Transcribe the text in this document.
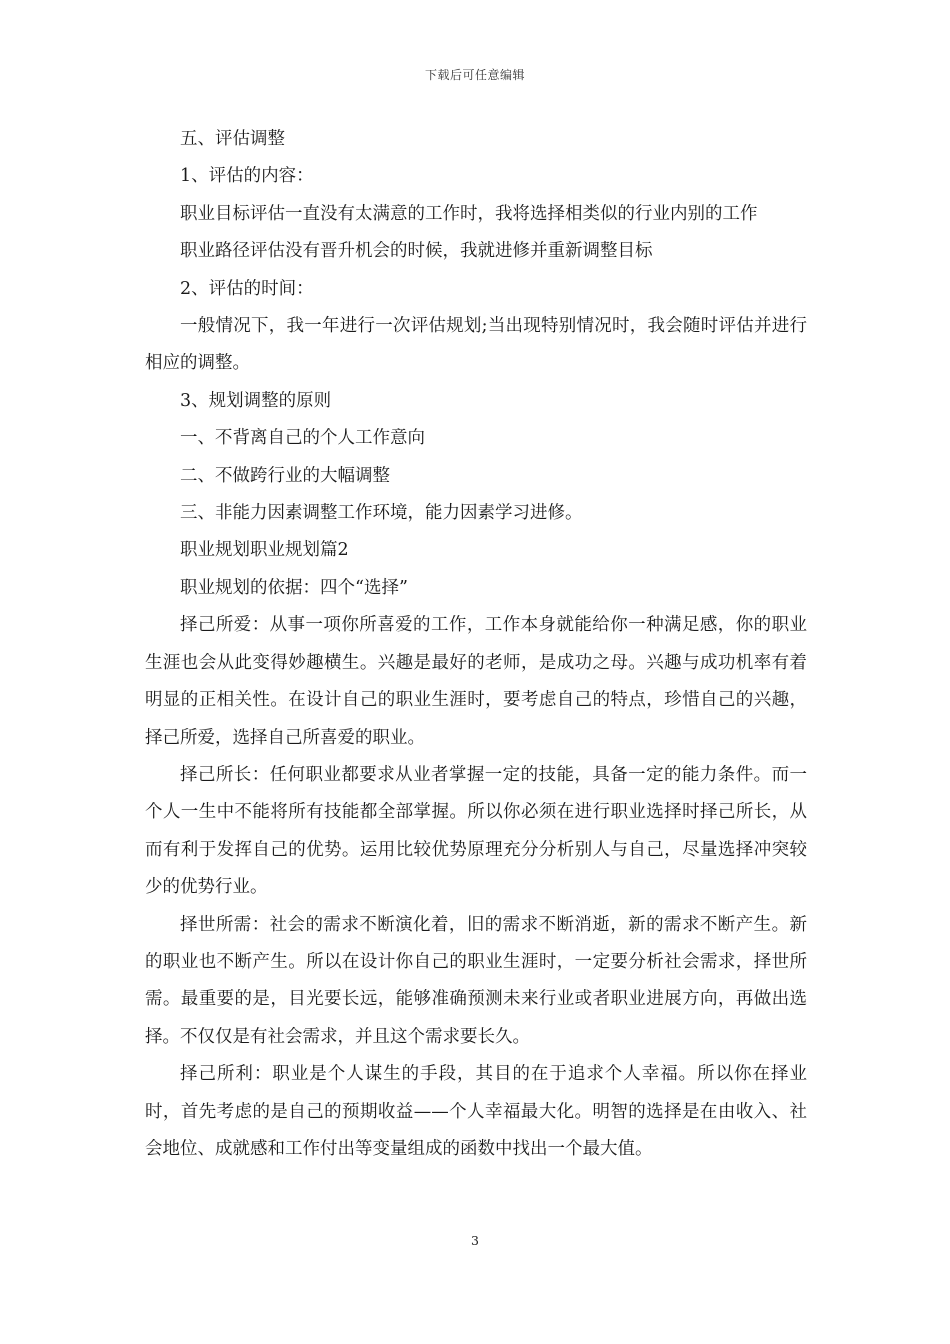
下载后可任意编辑

五、评估调整

1、评估的内容：

职业目标评估一直没有太满意的工作时，我将选择相类似的行业内别的工作

职业路径评估没有晋升机会的时候，我就进修并重新调整目标

2、评估的时间：

一般情况下，我一年进行一次评估规划;当出现特别情况时，我会随时评估并进行相应的调整。

3、规划调整的原则

一、不背离自己的个人工作意向

二、不做跨行业的大幅调整

三、非能力因素调整工作环境，能力因素学习进修。

职业规划职业规划篇2

职业规划的依据：四个“选择”

择己所爱：从事一项你所喜爱的工作，工作本身就能给你一种满足感，你的职业生涯也会从此变得妙趣横生。兴趣是最好的老师，是成功之母。兴趣与成功机率有着明显的正相关性。在设计自己的职业生涯时，要考虑自己的特点，珍惜自己的兴趣，择己所爱，选择自己所喜爱的职业。

择己所长：任何职业都要求从业者掌握一定的技能，具备一定的能力条件。而一个人一生中不能将所有技能都全部掌握。所以你必须在进行职业选择时择己所长，从而有利于发挥自己的优势。运用比较优势原理充分分析别人与自己，尽量选择冲突较少的优势行业。

择世所需：社会的需求不断演化着，旧的需求不断消逝，新的需求不断产生。新的职业也不断产生。所以在设计你自己的职业生涯时，一定要分析社会需求，择世所需。最重要的是，目光要长远，能够准确预测未来行业或者职业进展方向，再做出选择。不仅仅是有社会需求，并且这个需求要长久。

择己所利：职业是个人谋生的手段，其目的在于追求个人幸福。所以你在择业时，首先考虑的是自己的预期收益——个人幸福最大化。明智的选择是在由收入、社会地位、成就感和工作付出等变量组成的函数中找出一个最大值。

3
